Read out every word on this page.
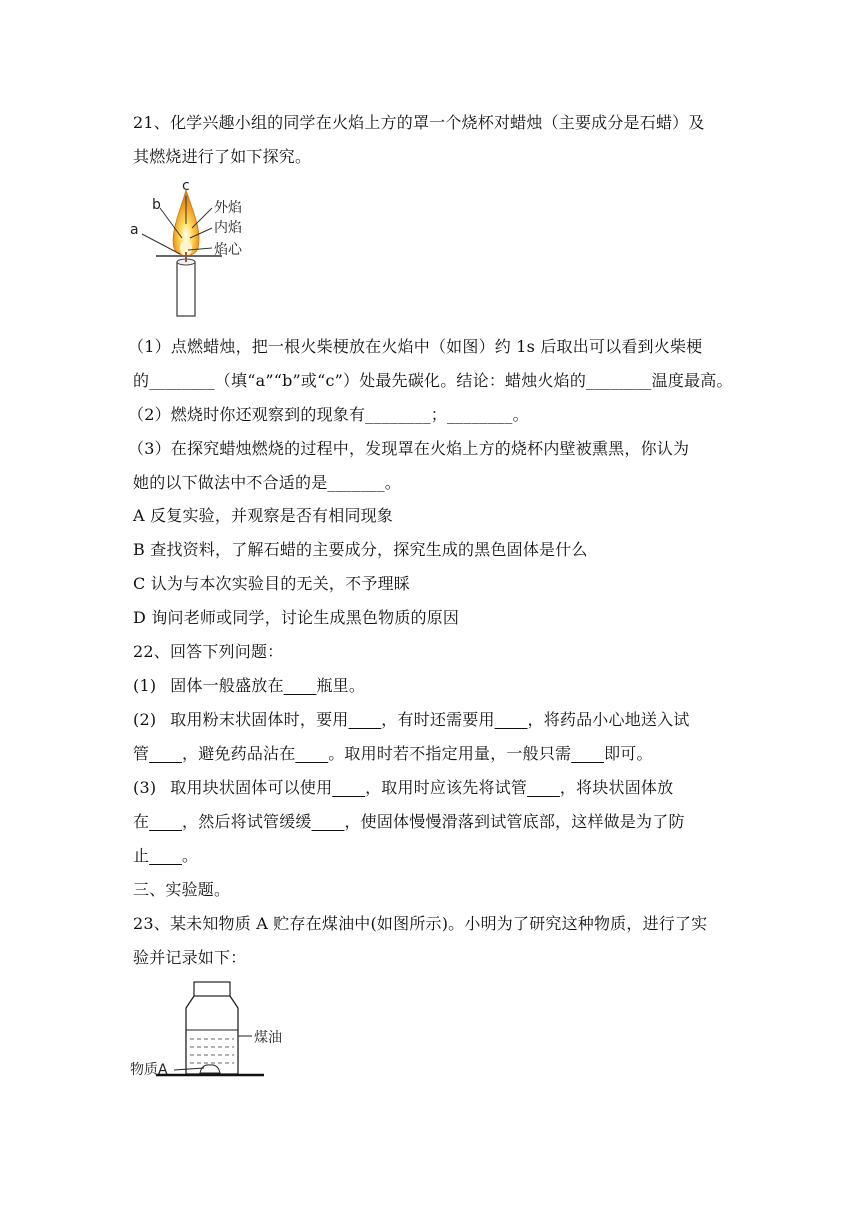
21、化学兴趣小组的同学在火焰上方的罩一个烧杯对蜡烛（主要成分是石蜡）及
其燃烧进行了如下探究。
a
b
c
外焰
内焰
焰心
（1）点燃蜡烛，把一根火柴梗放在火焰中（如图）约 1s 后取出可以看到火柴梗
的________（填“a”“b”或“c”）处最先碳化。结论：蜡烛火焰的________温度最高。
（2）燃烧时你还观察到的现象有________；________。
（3）在探究蜡烛燃烧的过程中，发现罩在火焰上方的烧杯内壁被熏黑，你认为
她的以下做法中不合适的是_______。
A 反复实验，并观察是否有相同现象
B 查找资料，了解石蜡的主要成分，探究生成的黑色固体是什么
C 认为与本次实验目的无关，不予理睬
D 询问老师或同学，讨论生成黑色物质的原因
22、回答下列问题：
(1) 固体一般盛放在____瓶里。
(2) 取用粉末状固体时，要用____，有时还需要用____，将药品小心地送入试
管____，避免药品沾在____。取用时若不指定用量，一般只需____即可。
(3) 取用块状固体可以使用____，取用时应该先将试管____，将块状固体放
在____，然后将试管缓缓____，使固体慢慢滑落到试管底部，这样做是为了防
止____。
三、实验题。
23、某未知物质 A 贮存在煤油中(如图所示)。小明为了研究这种物质，进行了实
验并记录如下：
煤油
物质A
